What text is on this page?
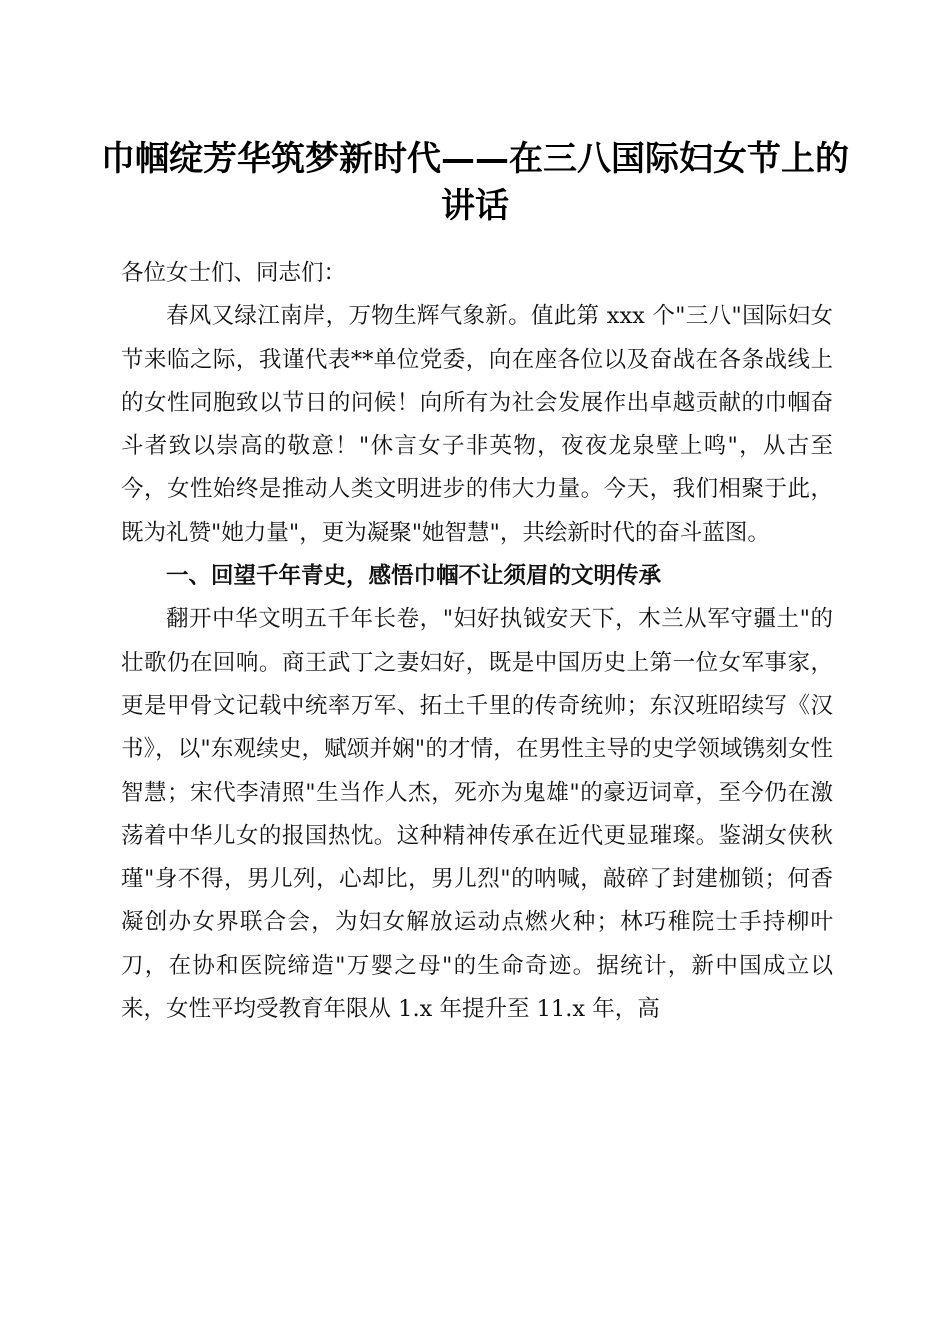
巾帼绽芳华筑梦新时代——在三八国际妇女节上的讲话

各位女士们、同志们：

春风又绿江南岸，万物生辉气象新。值此第 xxx 个"三八"国际妇女节来临之际，我谨代表**单位党委，向在座各位以及奋战在各条战线上的女性同胞致以节日的问候！向所有为社会发展作出卓越贡献的巾帼奋斗者致以崇高的敬意！"休言女子非英物，夜夜龙泉壁上鸣"，从古至今，女性始终是推动人类文明进步的伟大力量。今天，我们相聚于此，既为礼赞"她力量"，更为凝聚"她智慧"，共绘新时代的奋斗蓝图。

一、回望千年青史，感悟巾帼不让须眉的文明传承

翻开中华文明五千年长卷，"妇好执钺安天下，木兰从军守疆土"的壮歌仍在回响。商王武丁之妻妇好，既是中国历史上第一位女军事家，更是甲骨文记载中统率万军、拓土千里的传奇统帅；东汉班昭续写《汉书》，以"东观续史，赋颂并娴"的才情，在男性主导的史学领域镌刻女性智慧；宋代李清照"生当作人杰，死亦为鬼雄"的豪迈词章，至今仍在激荡着中华儿女的报国热忱。这种精神传承在近代更显璀璨。鉴湖女侠秋瑾"身不得，男儿列，心却比，男儿烈"的呐喊，敲碎了封建枷锁；何香凝创办女界联合会，为妇女解放运动点燃火种；林巧稚院士手持柳叶刀，在协和医院缔造"万婴之母"的生命奇迹。据统计，新中国成立以来，女性平均受教育年限从 1.x 年提升至 11.x 年，高
